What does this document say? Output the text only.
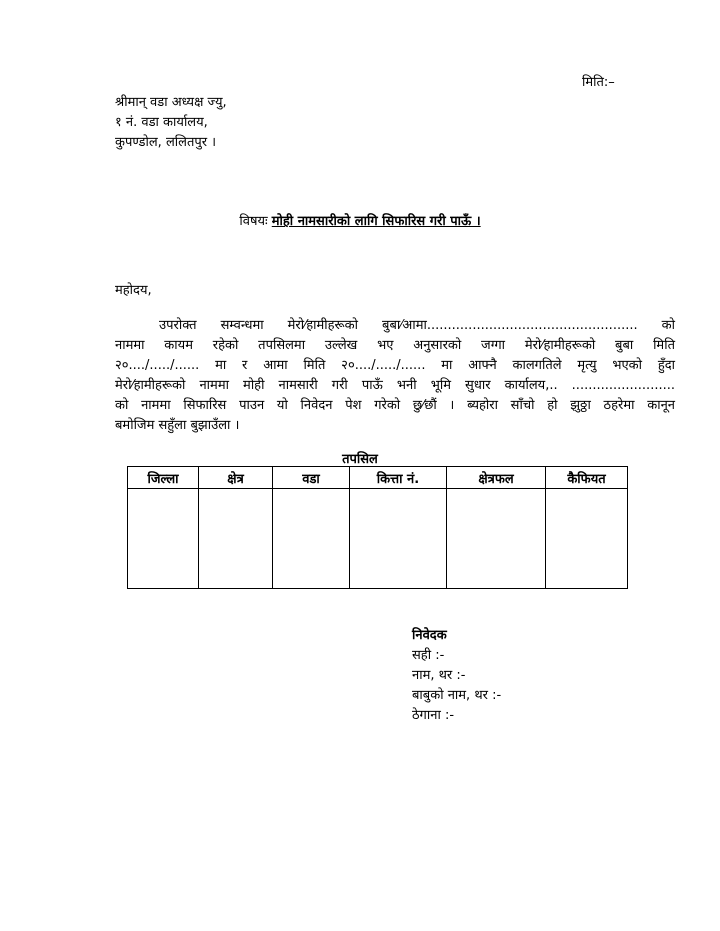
मिति:–
श्रीमान् वडा अध्यक्ष ज्यु,
१ नं. वडा कार्यालय,
कुपण्डोल, ललितपुर ।
विषयः मोही नामसारीको लागि सिफारिस गरी पाऊँ ।
महोदय,
उपरोक्त सम्वन्धमा मेरो⁄हामीहरूको बुबा⁄आमा................................................... को
नाममा कायम रहेको तपसिलमा उल्लेख भए अनुसारको जग्गा मेरो⁄हामीहरूको बुबा मिति
२०..../...../...... मा र आमा मिति २०..../...../...... मा आफ्नै कालगतिले मृत्यु भएको हुँदा
मेरो⁄हामीहरूको नाममा मोही नामसारी गरी पाऊँ भनी भूमि सुधार कार्यालय,.. .........................
को नाममा सिफारिस पाउन यो निवेदन पेश गरेको छु⁄छौं । ब्यहोरा साँचो हो झुठ्ठा ठहरेमा कानून
बमोजिम सहुँला बुझाउँला ।
तपसिल
जिल्ला	क्षेत्र	वडा	कित्ता नं.	क्षेत्रफल	कैफियत

निवेदक
सही :-
नाम, थर :-
बाबुको नाम, थर :-
ठेगाना :-
